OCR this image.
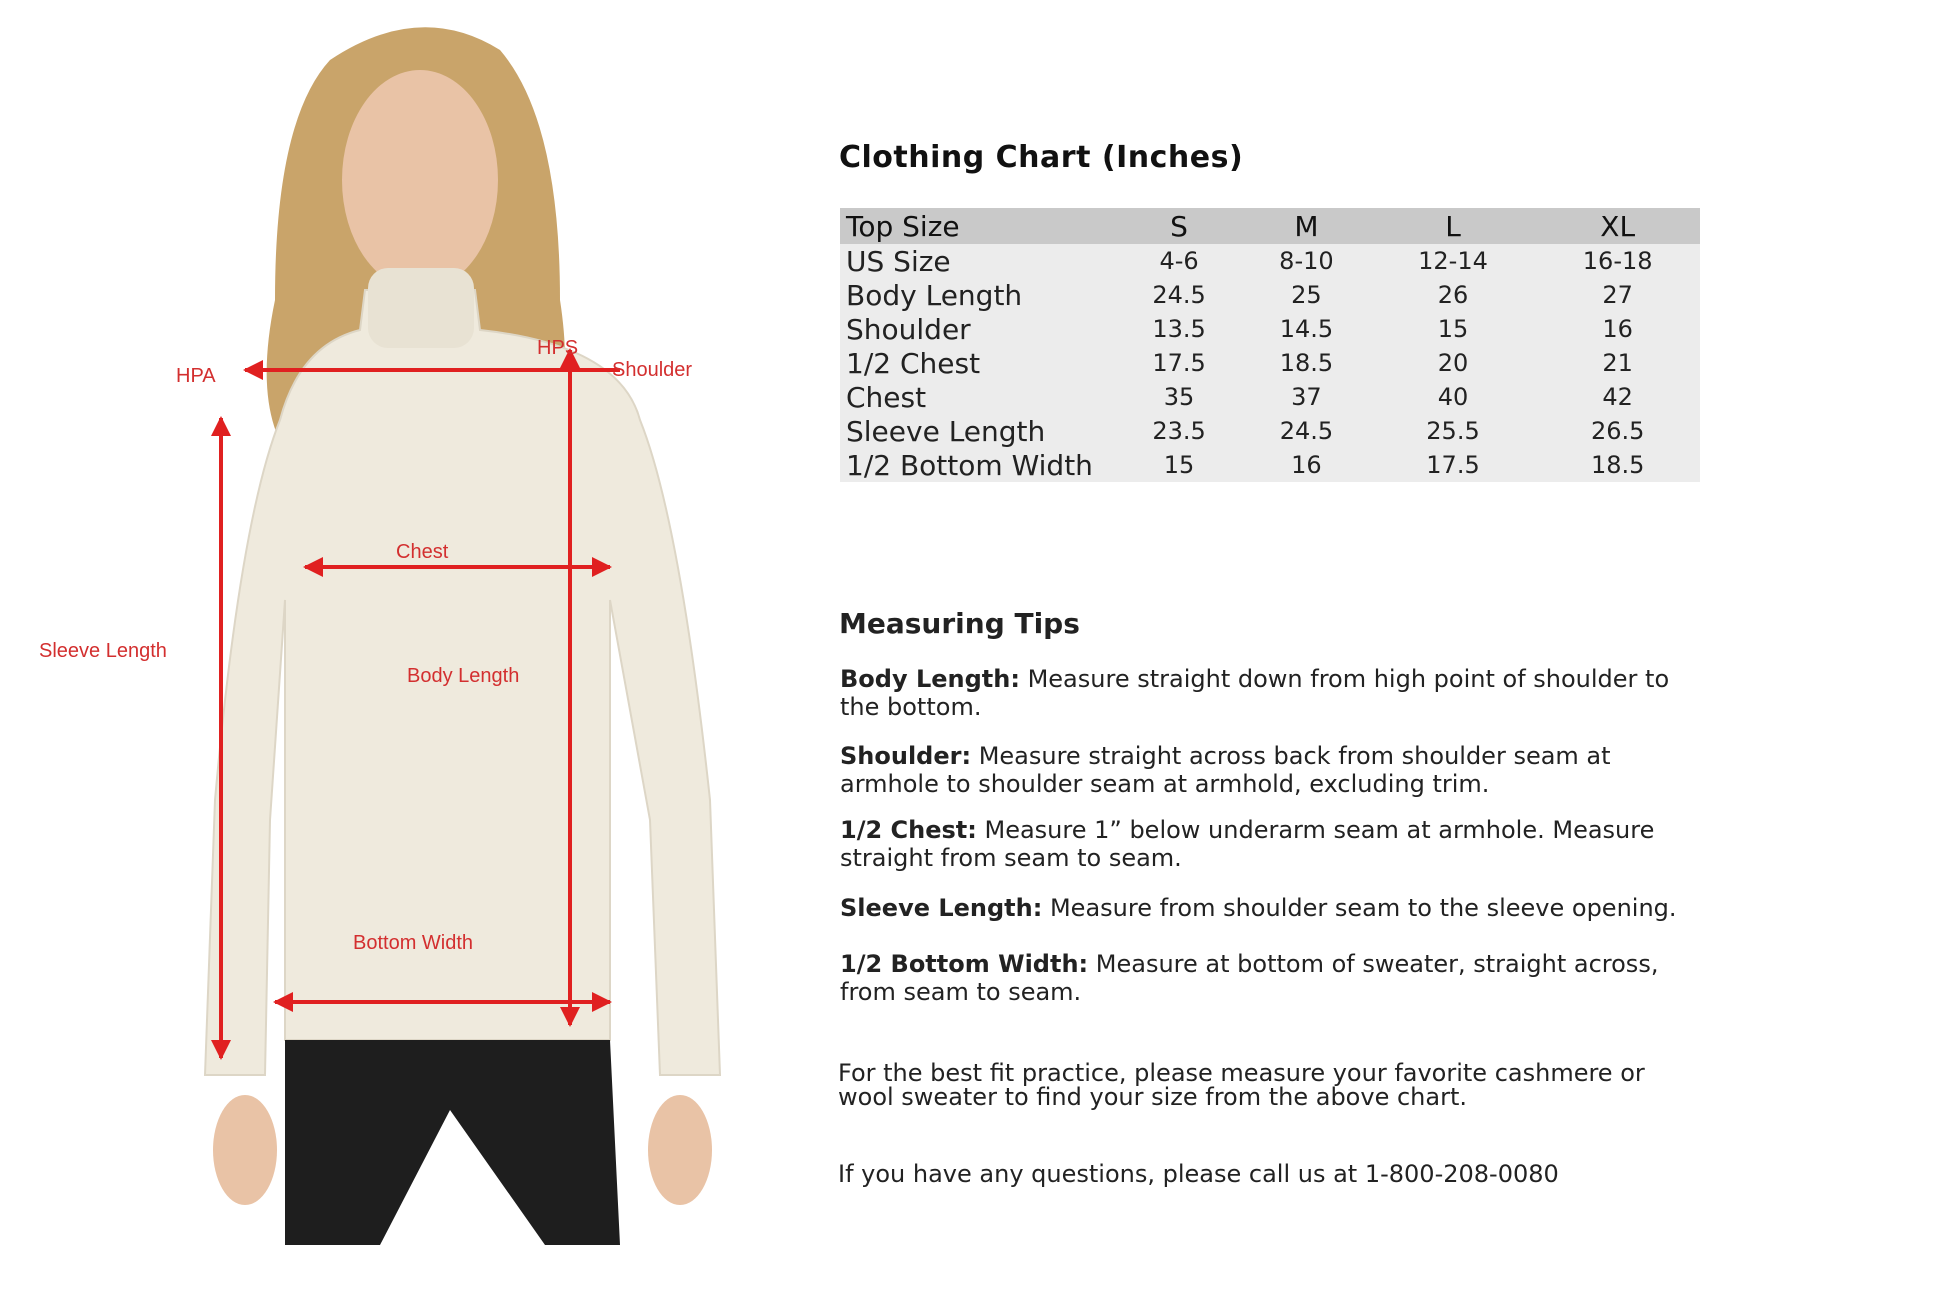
HPA
HPS
Shoulder
Chest
Sleeve Length
Body Length
Bottom Width
Clothing Chart (Inches)
Top Size	S	M	L	XL
US Size	4-6	8-10	12-14	16-18
Body Length	24.5	25	26	27
Shoulder	13.5	14.5	15	16
1/2 Chest	17.5	18.5	20	21
Chest	35	37	40	42
Sleeve Length	23.5	24.5	25.5	26.5
1/2 Bottom Width	15	16	17.5	18.5
Measuring Tips
Body Length: Measure straight down from high point of shoulder to the bottom.
Shoulder: Measure straight across back from shoulder seam at armhole to shoulder seam at armhold, excluding trim.
1/2 Chest: Measure 1” below underarm seam at armhole. Measure straight from seam to seam.
Sleeve Length: Measure from shoulder seam to the sleeve opening.
1/2 Bottom Width: Measure at bottom of sweater, straight across, from seam to seam.
For the best fit practice, please measure your favorite cashmere or wool sweater to find your size from the above chart.
If you have any questions, please call us at 1-800-208-0080
